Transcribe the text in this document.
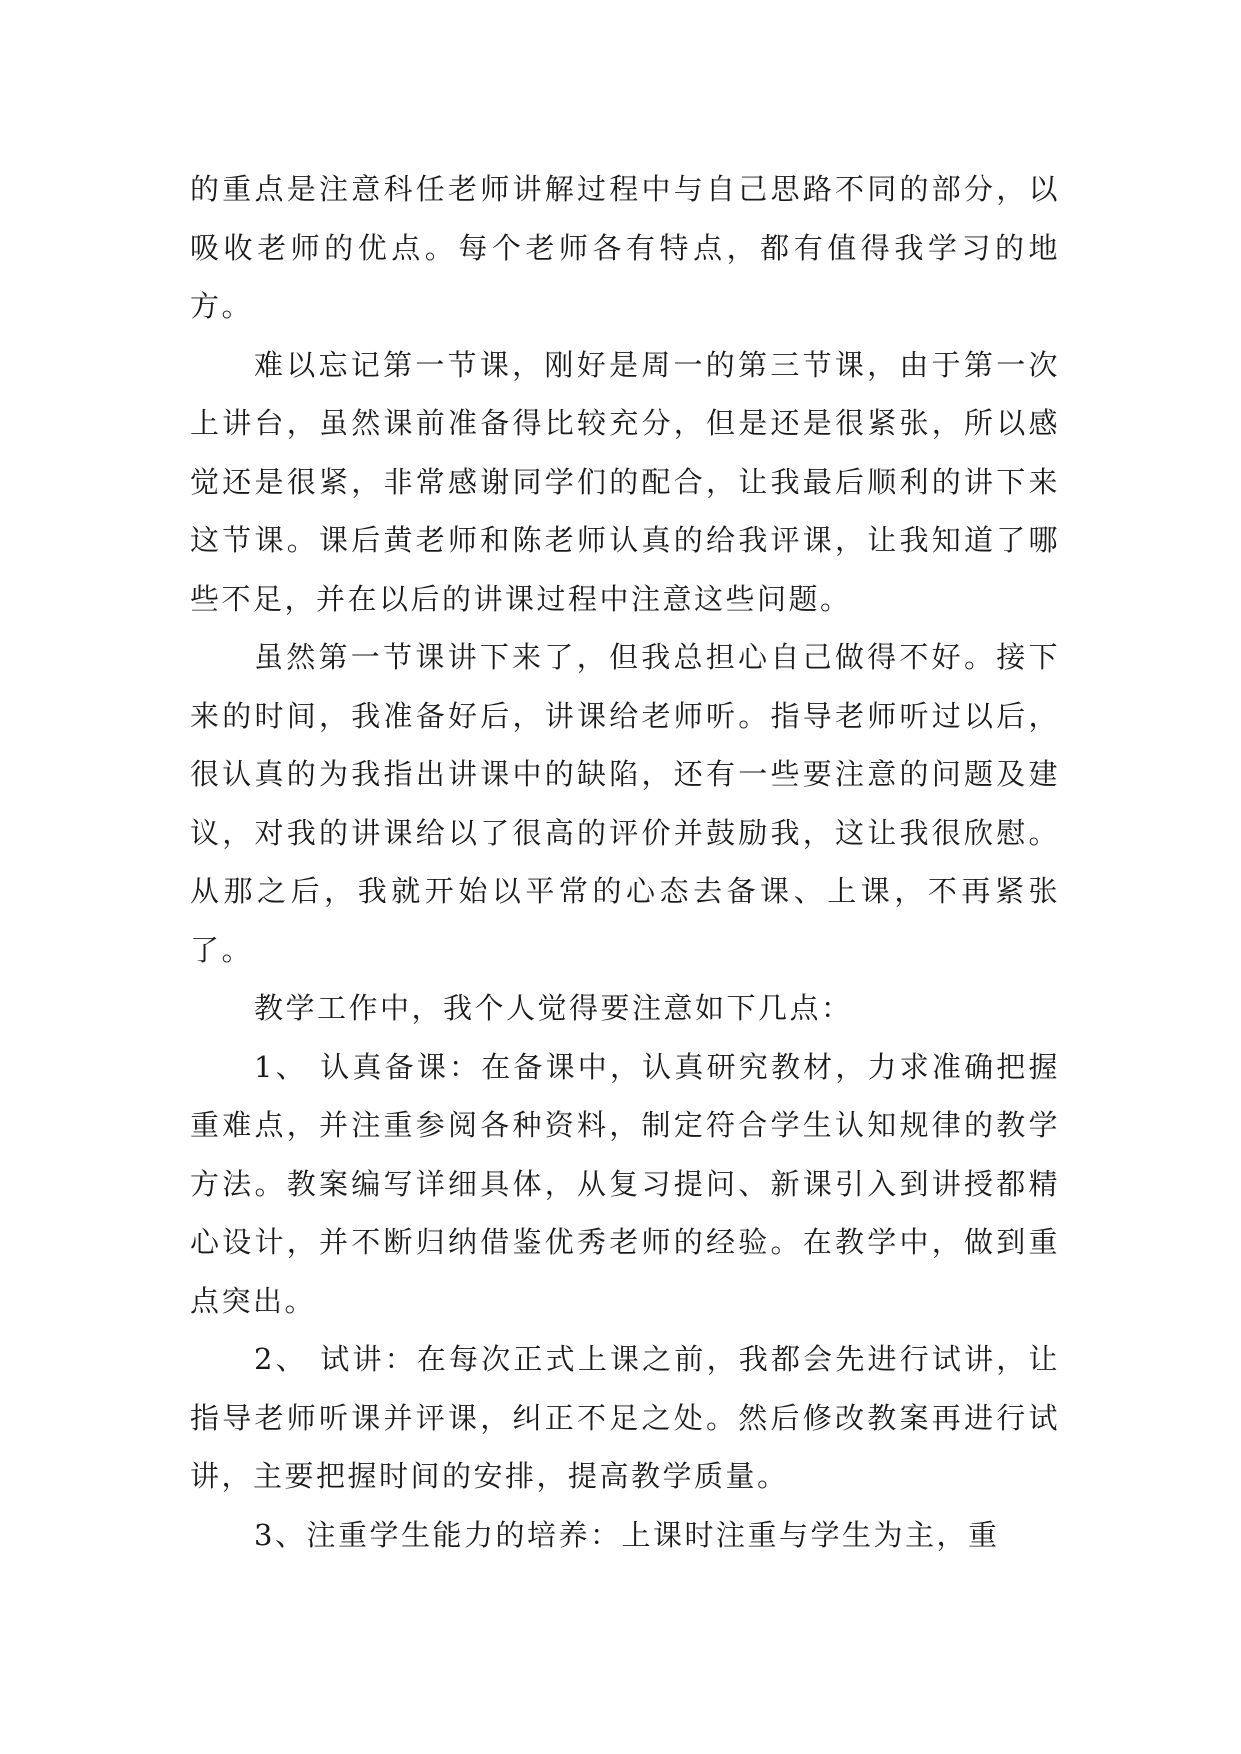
的重点是注意科任老师讲解过程中与自己思路不同的部分，以吸收老师的优点。每个老师各有特点，都有值得我学习的地方。

难以忘记第一节课，刚好是周一的第三节课，由于第一次上讲台，虽然课前准备得比较充分，但是还是很紧张，所以感觉还是很紧，非常感谢同学们的配合，让我最后顺利的讲下来这节课。课后黄老师和陈老师认真的给我评课，让我知道了哪些不足，并在以后的讲课过程中注意这些问题。

虽然第一节课讲下来了，但我总担心自己做得不好。接下来的时间，我准备好后，讲课给老师听。指导老师听过以后，很认真的为我指出讲课中的缺陷，还有一些要注意的问题及建议，对我的讲课给以了很高的评价并鼓励我，这让我很欣慰。从那之后，我就开始以平常的心态去备课、上课，不再紧张了。

教学工作中，我个人觉得要注意如下几点：

1、 认真备课：在备课中，认真研究教材，力求准确把握重难点，并注重参阅各种资料，制定符合学生认知规律的教学方法。教案编写详细具体，从复习提问、新课引入到讲授都精心设计，并不断归纳借鉴优秀老师的经验。在教学中，做到重点突出。

2、 试讲：在每次正式上课之前，我都会先进行试讲，让指导老师听课并评课，纠正不足之处。然后修改教案再进行试讲，主要把握时间的安排，提高教学质量。

3、注重学生能力的培养：上课时注重与学生为主，重
